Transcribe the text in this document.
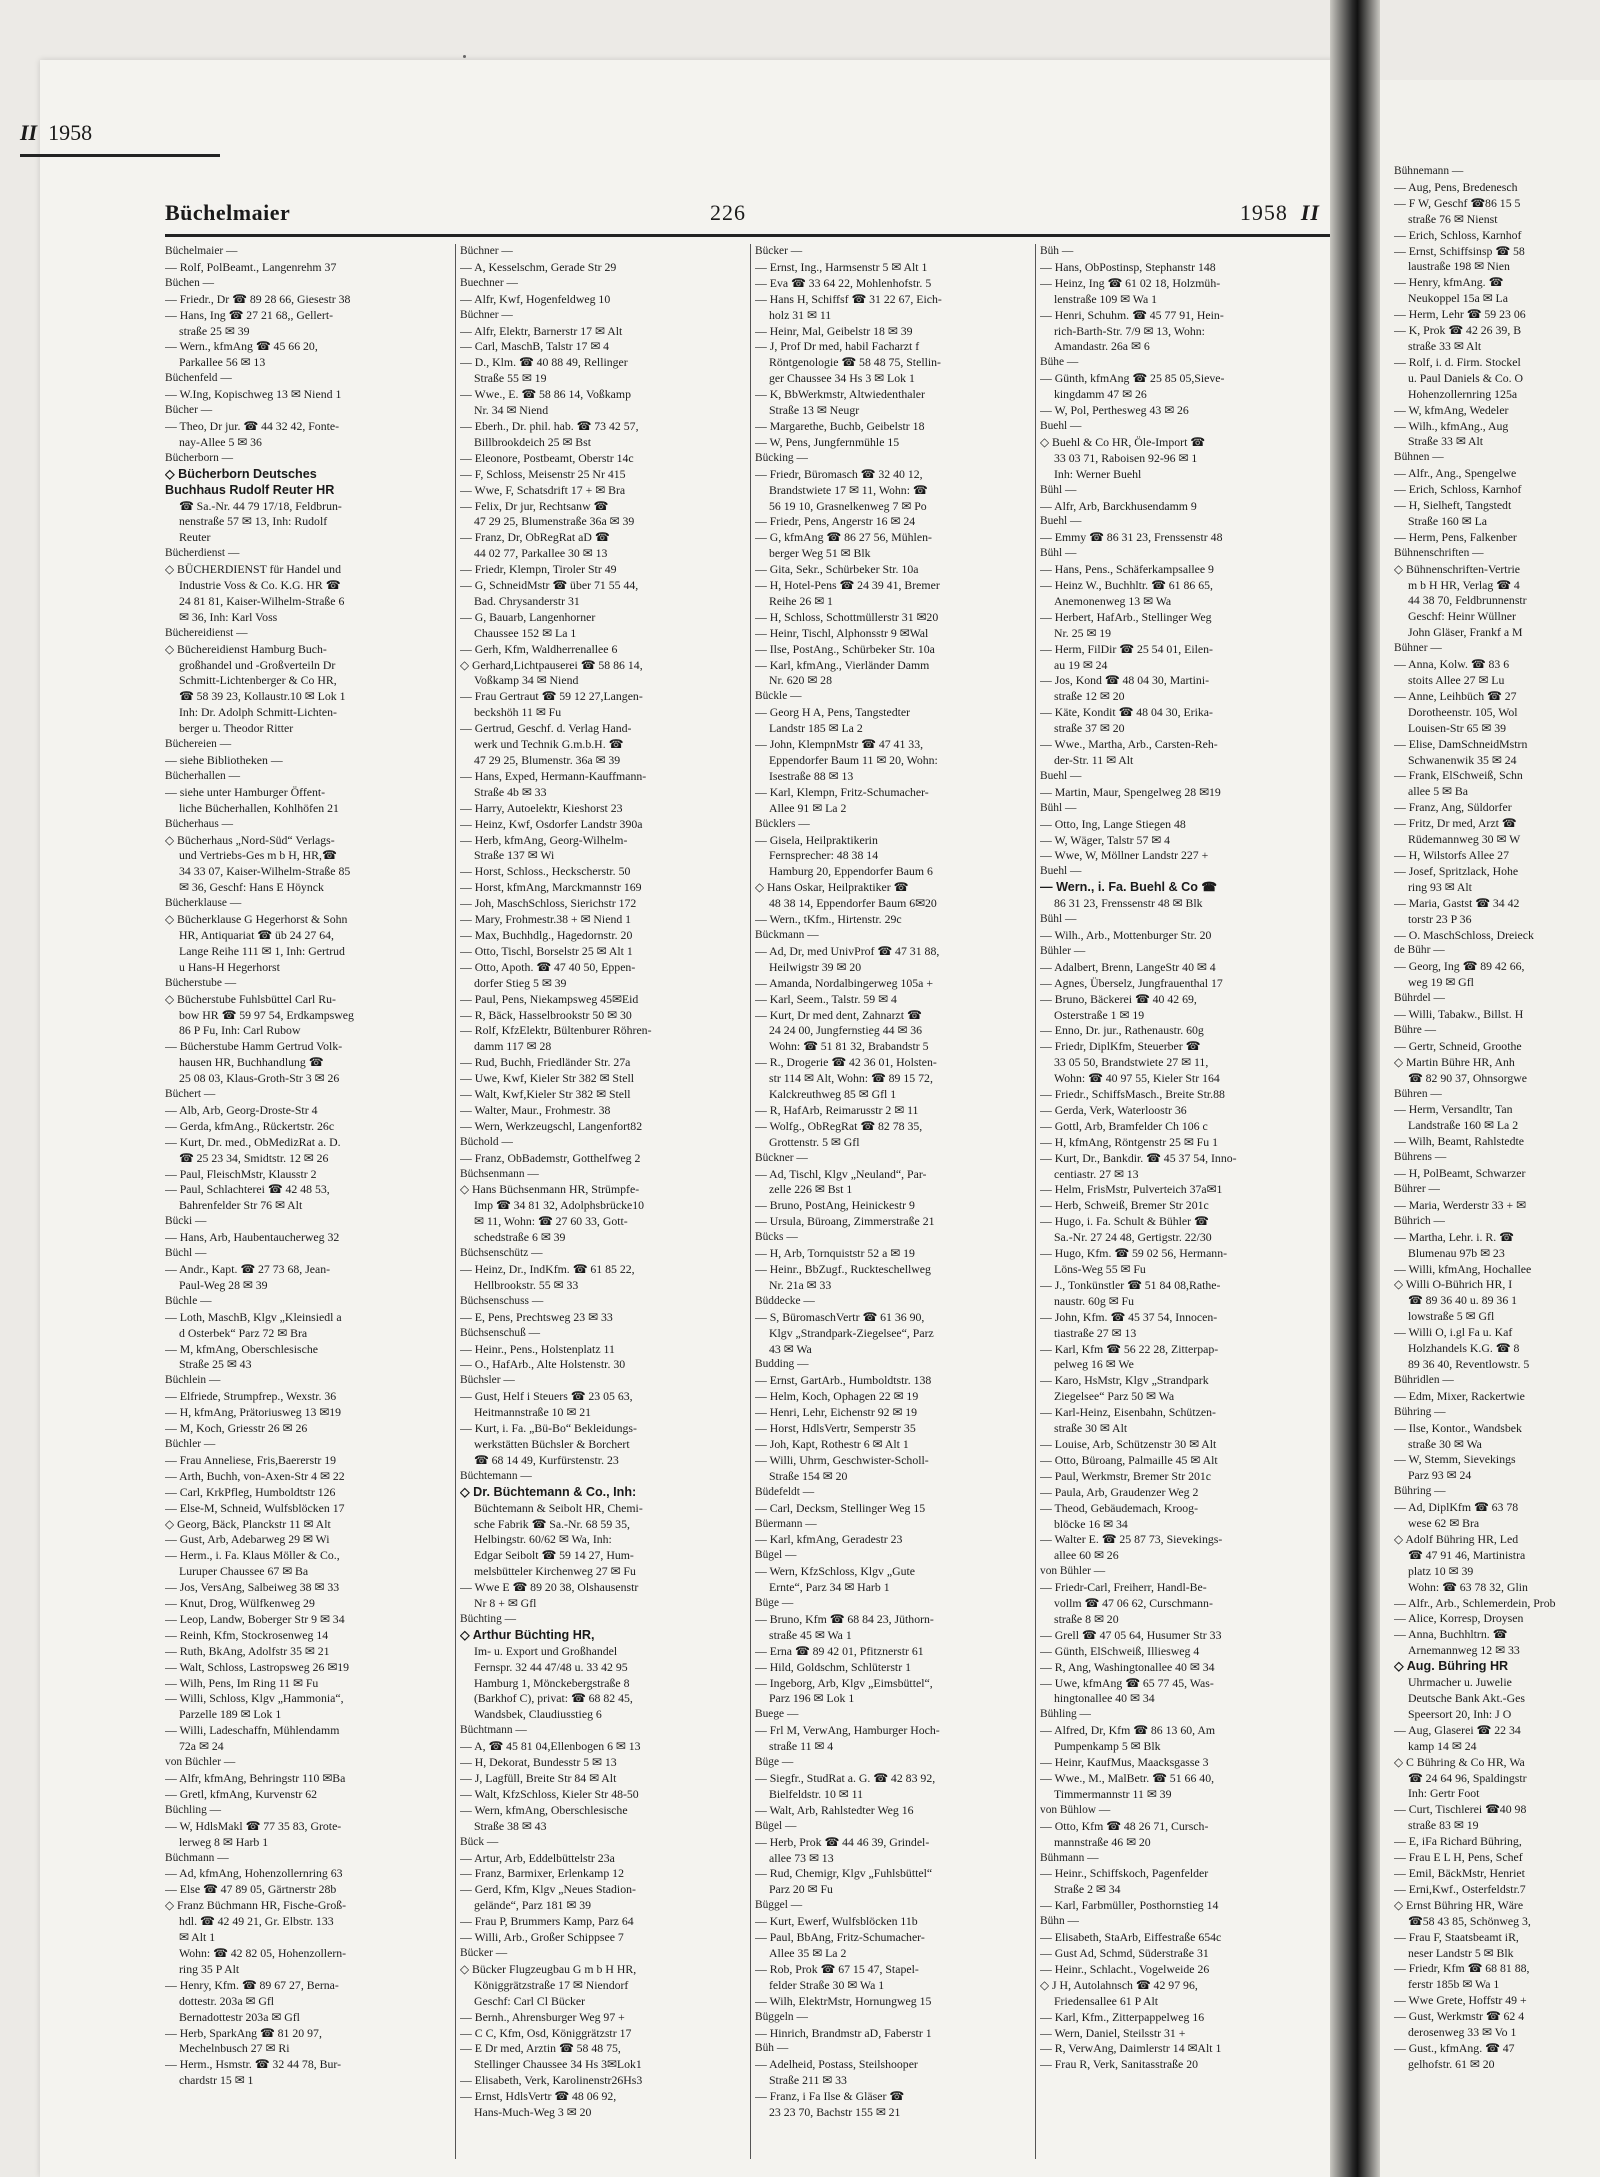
Büchelmaier	226	1958 II
II 1958
Büchelmaier —
— Rolf, PolBeamt., Langenrehm 37
Büchen —
— Friedr., Dr ☎ 89 28 66, Giesestr 38
— Hans, Ing ☎ 27 21 68,, Gellert-
straße 25 ✉ 39
— Wern., kfmAng ☎ 45 66 20,
Parkallee 56 ✉ 13
Büchenfeld —
— W.Ing, Kopischweg 13 ✉ Niend 1
Bücher —
— Theo, Dr jur. ☎ 44 32 42, Fonte-
nay-Allee 5 ✉ 36
Bücherborn —
◇ Bücherborn Deutsches
Buchhaus Rudolf Reuter HR
☎ Sa.-Nr. 44 79 17/18, Feldbrun-
nenstraße 57 ✉ 13, Inh: Rudolf
Reuter
Bücherdienst —
◇ BÜCHERDIENST für Handel und
Industrie Voss & Co. K.G. HR ☎
24 81 81, Kaiser-Wilhelm-Straße 6
✉ 36, Inh: Karl Voss
Büchereidienst —
◇ Büchereidienst Hamburg Buch-
großhandel und -Großverteiln Dr
Schmitt-Lichtenberger & Co HR,
☎ 58 39 23, Kollaustr.10 ✉ Lok 1
Inh: Dr. Adolph Schmitt-Lichten-
berger u. Theodor Ritter
Büchereien —
— siehe Bibliotheken —
Bücherhallen —
— siehe unter Hamburger Öffent-
liche Bücherhallen, Kohlhöfen 21
Bücherhaus —
◇ Bücherhaus „Nord-Süd“ Verlags-
und Vertriebs-Ges m b H, HR,☎
34 33 07, Kaiser-Wilhelm-Straße 85
✉ 36, Geschf: Hans E Höynck
Bücherklause —
◇ Bücherklause G Hegerhorst & Sohn
HR, Antiquariat ☎ üb 24 27 64,
Lange Reihe 111 ✉ 1, Inh: Gertrud
u Hans-H Hegerhorst
Bücherstube —
◇ Bücherstube Fuhlsbüttel Carl Ru-
bow HR ☎ 59 97 54, Erdkampsweg
86 P Fu, Inh: Carl Rubow
— Bücherstube Hamm Gertrud Volk-
hausen HR, Buchhandlung ☎
25 08 03, Klaus-Groth-Str 3 ✉ 26
Büchert —
— Alb, Arb, Georg-Droste-Str 4
— Gerda, kfmAng., Rückertstr. 26c
— Kurt, Dr. med., ObMedizRat a. D.
☎ 25 23 34, Smidtstr. 12 ✉ 26
— Paul, FleischMstr, Klausstr 2
— Paul, Schlachterei ☎ 42 48 53,
Bahrenfelder Str 76 ✉ Alt
Bücki —
— Hans, Arb, Haubentaucherweg 32
Büchl —
— Andr., Kapt. ☎ 27 73 68, Jean-
Paul-Weg 28 ✉ 39
Büchle —
— Loth, MaschB, Klgv „Kleinsiedl a
d Osterbek“ Parz 72 ✉ Bra
— M, kfmAng, Oberschlesische
Straße 25 ✉ 43
Büchlein —
— Elfriede, Strumpfrep., Wexstr. 36
— H, kfmAng, Prätoriusweg 13 ✉19
— M, Koch, Griesstr 26 ✉ 26
Büchler —
— Frau Anneliese, Fris,Baererstr 19
— Arth, Buchh, von-Axen-Str 4 ✉ 22
— Carl, KrkPfleg, Humboldtstr 126
— Else-M, Schneid, Wulfsblöcken 17
◇ Georg, Bäck, Planckstr 11 ✉ Alt
— Gust, Arb, Adebarweg 29 ✉ Wi
— Herm., i. Fa. Klaus Möller & Co.,
Luruper Chaussee 67 ✉ Ba
— Jos, VersAng, Salbeiweg 38 ✉ 33
— Knut, Drog, Wülfkenweg 29
— Leop, Landw, Boberger Str 9 ✉ 34
— Reinh, Kfm, Stockrosenweg 14
— Ruth, BkAng, Adolfstr 35 ✉ 21
— Walt, Schloss, Lastropsweg 26 ✉19
— Wilh, Pens, Im Ring 11 ✉ Fu
— Willi, Schloss, Klgv „Hammonia“,
Parzelle 189 ✉ Lok 1
— Willi, Ladeschaffn, Mühlendamm
72a ✉ 24
von Büchler —
— Alfr, kfmAng, Behringstr 110 ✉Ba
— Gretl, kfmAng, Kurvenstr 62
Büchling —
— W, HdlsMakl ☎ 77 35 83, Grote-
lerweg 8 ✉ Harb 1
Büchmann —
— Ad, kfmAng, Hohenzollernring 63
— Else ☎ 47 89 05, Gärtnerstr 28b
◇ Franz Büchmann HR, Fische-Groß-
hdl. ☎ 42 49 21, Gr. Elbstr. 133
✉ Alt 1
Wohn: ☎ 42 82 05, Hohenzollern-
ring 35 P Alt
— Henry, Kfm. ☎ 89 67 27, Berna-
dottestr. 203a ✉ Gfl
Bernadottestr 203a ✉ Gfl
— Herb, SparkAng ☎ 81 20 97,
Mechelnbusch 27 ✉ Ri
— Herm., Hsmstr. ☎ 32 44 78, Bur-
chardstr 15 ✉ 1
Büchner —
— A, Kesselschm, Gerade Str 29
Buechner —
— Alfr, Kwf, Hogenfeldweg 10
Büchner —
— Alfr, Elektr, Barnerstr 17 ✉ Alt
— Carl, MaschB, Talstr 17 ✉ 4
— D., Klm. ☎ 40 88 49, Rellinger
Straße 55 ✉ 19
— Wwe., E. ☎ 58 86 14, Voßkamp
Nr. 34 ✉ Niend
— Eberh., Dr. phil. hab. ☎ 73 42 57,
Billbrookdeich 25 ✉ Bst
— Eleonore, Postbeamt, Oberstr 14c
— F, Schloss, Meisenstr 25 Nr 415
— Wwe, F, Schatsdrift 17 + ✉ Bra
— Felix, Dr jur, Rechtsanw ☎
47 29 25, Blumenstraße 36a ✉ 39
— Franz, Dr, ObRegRat aD ☎
44 02 77, Parkallee 30 ✉ 13
— Friedr, Klempn, Tiroler Str 49
— G, SchneidMstr ☎ über 71 55 44,
Bad. Chrysanderstr 31
— G, Bauarb, Langenhorner
Chaussee 152 ✉ La 1
— Gerh, Kfm, Waldherrenallee 6
◇ Gerhard,Lichtpauserei ☎ 58 86 14,
Voßkamp 34 ✉ Niend
— Frau Gertraut ☎ 59 12 27,Langen-
beckshöh 11 ✉ Fu
— Gertrud, Geschf. d. Verlag Hand-
werk und Technik G.m.b.H. ☎
47 29 25, Blumenstr. 36a ✉ 39
— Hans, Exped, Hermann-Kauffmann-
Straße 4b ✉ 33
— Harry, Autoelektr, Kieshorst 23
— Heinz, Kwf, Osdorfer Landstr 390a
— Herb, kfmAng, Georg-Wilhelm-
Straße 137 ✉ Wi
— Horst, Schloss., Heckscherstr. 50
— Horst, kfmAng, Marckmannstr 169
— Joh, MaschSchloss, Sierichstr 172
— Mary, Frohmestr.38 + ✉ Niend 1
— Max, Buchhdlg., Hagedornstr. 20
— Otto, Tischl, Borselstr 25 ✉ Alt 1
— Otto, Apoth. ☎ 47 40 50, Eppen-
dorfer Stieg 5 ✉ 39
— Paul, Pens, Niekampsweg 45✉Eid
— R, Bäck, Hasselbrookstr 50 ✉ 30
— Rolf, KfzElektr, Bültenburer Röhren-
damm 117 ✉ 28
— Rud, Buchh, Friedländer Str. 27a
— Uwe, Kwf, Kieler Str 382 ✉ Stell
— Walt, Kwf,Kieler Str 382 ✉ Stell
— Walter, Maur., Frohmestr. 38
— Wern, Werkzeugschl, Langenfort82
Büchold —
— Franz, ObBademstr, Gotthelfweg 2
Büchsenmann —
◇ Hans Büchsenmann HR, Strümpfe-
Imp ☎ 34 81 32, Adolphsbrücke10
✉ 11, Wohn: ☎ 27 60 33, Gott-
schedstraße 6 ✉ 39
Büchsenschütz —
— Heinz, Dr., IndKfm. ☎ 61 85 22,
Hellbrookstr. 55 ✉ 33
Büchsenschuss —
— E, Pens, Prechtsweg 23 ✉ 33
Büchsenschuß —
— Heinr., Pens., Holstenplatz 11
— O., HafArb., Alte Holstenstr. 30
Büchsler —
— Gust, Helf i Steuers ☎ 23 05 63,
Heitmannstraße 10 ✉ 21
— Kurt, i. Fa. „Bü-Bo“ Bekleidungs-
werkstätten Büchsler & Borchert
☎ 68 14 49, Kurfürstenstr. 23
Büchtemann —
◇ Dr. Büchtemann & Co., Inh:
Büchtemann & Seibolt HR, Chemi-
sche Fabrik ☎ Sa.-Nr. 68 59 35,
Helbingstr. 60/62 ✉ Wa, Inh:
Edgar Seibolt ☎ 59 14 27, Hum-
melsbütteler Kirchenweg 27 ✉ Fu
— Wwe E ☎ 89 20 38, Olshausenstr
Nr 8 + ✉ Gfl
Büchting —
◇ Arthur Büchting HR,
Im- u. Export und Großhandel
Fernspr. 32 44 47/48 u. 33 42 95
Hamburg 1, Mönckebergstraße 8
(Barkhof C), privat: ☎ 68 82 45,
Wandsbek, Claudiusstieg 6
Büchtmann —
— A, ☎ 45 81 04,Ellenbogen 6 ✉ 13
— H, Dekorat, Bundesstr 5 ✉ 13
— J, Lagfüll, Breite Str 84 ✉ Alt
— Walt, KfzSchloss, Kieler Str 48-50
— Wern, kfmAng, Oberschlesische
Straße 38 ✉ 43
Bück —
— Artur, Arb, Eddelbüttelstr 23a
— Franz, Barmixer, Erlenkamp 12
— Gerd, Kfm, Klgv „Neues Stadion-
gelände“, Parz 181 ✉ 39
— Frau P, Brummers Kamp, Parz 64
— Willi, Arb., Großer Schippsee 7
Bücker —
◇ Bücker Flugzeugbau G m b H HR,
Königgrätzstraße 17 ✉ Niendorf
Geschf: Carl Cl Bücker
— Bernh., Ahrensburger Weg 97 +
— C C, Kfm, Osd, Königgrätzstr 17
— E Dr med, Arztin ☎ 58 48 75,
Stellinger Chaussee 34 Hs 3✉Lok1
— Elisabeth, Verk, Karolinenstr26Hs3
— Ernst, HdlsVertr ☎ 48 06 92,
Hans-Much-Weg 3 ✉ 20
Bücker —
— Ernst, Ing., Harmsenstr 5 ✉ Alt 1
— Eva ☎ 33 64 22, Mohlenhofstr. 5
— Hans H, Schiffsf ☎ 31 22 67, Eich-
holz 31 ✉ 11
— Heinr, Mal, Geibelstr 18 ✉ 39
— J, Prof Dr med, habil Facharzt f
Röntgenologie ☎ 58 48 75, Stellin-
ger Chaussee 34 Hs 3 ✉ Lok 1
— K, BbWerkmstr, Altwiedenthaler
Straße 13 ✉ Neugr
— Margarethe, Buchb, Geibelstr 18
— W, Pens, Jungfernmühle 15
Bücking —
— Friedr, Büromasch ☎ 32 40 12,
Brandstwiete 17 ✉ 11, Wohn: ☎
56 19 10, Grasnelkenweg 7 ✉ Po
— Friedr, Pens, Angerstr 16 ✉ 24
— G, kfmAng ☎ 86 27 56, Mühlen-
berger Weg 51 ✉ Blk
— Gita, Sekr., Schürbeker Str. 10a
— H, Hotel-Pens ☎ 24 39 41, Bremer
Reihe 26 ✉ 1
— H, Schloss, Schottmüllerstr 31 ✉20
— Heinr, Tischl, Alphonsstr 9 ✉Wal
— Ilse, PostAng., Schürbeker Str. 10a
— Karl, kfmAng., Vierländer Damm
Nr. 620 ✉ 28
Bückle —
— Georg H A, Pens, Tangstedter
Landstr 185 ✉ La 2
— John, KlempnMstr ☎ 47 41 33,
Eppendorfer Baum 11 ✉ 20, Wohn:
Isestraße 88 ✉ 13
— Karl, Klempn, Fritz-Schumacher-
Allee 91 ✉ La 2
Bücklers —
— Gisela, Heilpraktikerin
Fernsprecher: 48 38 14
Hamburg 20, Eppendorfer Baum 6
◇ Hans Oskar, Heilpraktiker ☎
48 38 14, Eppendorfer Baum 6✉20
— Wern., tKfm., Hirtenstr. 29c
Bückmann —
— Ad, Dr, med UnivProf ☎ 47 31 88,
Heilwigstr 39 ✉ 20
— Amanda, Nordalbingerweg 105a +
— Karl, Seem., Talstr. 59 ✉ 4
— Kurt, Dr med dent, Zahnarzt ☎
24 24 00, Jungfernstieg 44 ✉ 36
Wohn: ☎ 51 81 32, Brabandstr 5
— R., Drogerie ☎ 42 36 01, Holsten-
str 114 ✉ Alt, Wohn: ☎ 89 15 72,
Kalckreuthweg 85 ✉ Gfl 1
— R, HafArb, Reimarusstr 2 ✉ 11
— Wolfg., ObRegRat ☎ 82 78 35,
Grottenstr. 5 ✉ Gfl
Bückner —
— Ad, Tischl, Klgv „Neuland“, Par-
zelle 226 ✉ Bst 1
— Bruno, PostAng, Heinickestr 9
— Ursula, Büroang, Zimmerstraße 21
Bücks —
— H, Arb, Tornquiststr 52 a ✉ 19
— Heinr., BbZugf., Ruckteschellweg
Nr. 21a ✉ 33
Büddecke —
— S, BüromaschVertr ☎ 61 36 90,
Klgv „Strandpark-Ziegelsee“, Parz
43 ✉ Wa
Budding —
— Ernst, GartArb., Humboldtstr. 138
— Helm, Koch, Ophagen 22 ✉ 19
— Henri, Lehr, Eichenstr 92 ✉ 19
— Horst, HdlsVertr, Semperstr 35
— Joh, Kapt, Rothestr 6 ✉ Alt 1
— Willi, Uhrm, Geschwister-Scholl-
Straße 154 ✉ 20
Büdefeldt —
— Carl, Decksm, Stellinger Weg 15
Büermann —
— Karl, kfmAng, Geradestr 23
Bügel —
— Wern, KfzSchloss, Klgv „Gute
Ernte“, Parz 34 ✉ Harb 1
Büge —
— Bruno, Kfm ☎ 68 84 23, Jüthorn-
straße 45 ✉ Wa 1
— Erna ☎ 89 42 01, Pfitznerstr 61
— Hild, Goldschm, Schlüterstr 1
— Ingeborg, Arb, Klgv „Eimsbüttel“,
Parz 196 ✉ Lok 1
Buege —
— Frl M, VerwAng, Hamburger Hoch-
straße 11 ✉ 4
Büge —
— Siegfr., StudRat a. G. ☎ 42 83 92,
Bielfeldstr. 10 ✉ 11
— Walt, Arb, Rahlstedter Weg 16
Bügel —
— Herb, Prok ☎ 44 46 39, Grindel-
allee 73 ✉ 13
— Rud, Chemigr, Klgv „Fuhlsbüttel“
Parz 20 ✉ Fu
Büggel —
— Kurt, Ewerf, Wulfsblöcken 11b
— Paul, BbAng, Fritz-Schumacher-
Allee 35 ✉ La 2
— Rob, Prok ☎ 67 15 47, Stapel-
felder Straße 30 ✉ Wa 1
— Wilh, ElektrMstr, Hornungweg 15
Büggeln —
— Hinrich, Brandmstr aD, Faberstr 1
Büh —
— Adelheid, Postass, Steilshooper
Straße 211 ✉ 33
— Franz, i Fa Ilse & Gläser ☎
23 23 70, Bachstr 155 ✉ 21
Büh —
— Hans, ObPostinsp, Stephanstr 148
— Heinz, Ing ☎ 61 02 18, Holzmüh-
lenstraße 109 ✉ Wa 1
— Henri, Schuhm. ☎ 45 77 91, Hein-
rich-Barth-Str. 7/9 ✉ 13, Wohn:
Amandastr. 26a ✉ 6
Bühe —
— Günth, kfmAng ☎ 25 85 05,Sieve-
kingdamm 47 ✉ 26
— W, Pol, Perthesweg 43 ✉ 26
Buehl —
◇ Buehl & Co HR, Öle-Import ☎
33 03 71, Raboisen 92-96 ✉ 1
Inh: Werner Buehl
Bühl —
— Alfr, Arb, Barckhusendamm 9
Buehl —
— Emmy ☎ 86 31 23, Frenssenstr 48
Bühl —
— Hans, Pens., Schäferkampsallee 9
— Heinz W., Buchhltr. ☎ 61 86 65,
Anemonenweg 13 ✉ Wa
— Herbert, HafArb., Stellinger Weg
Nr. 25 ✉ 19
— Herm, FilDir ☎ 25 54 01, Eilen-
au 19 ✉ 24
— Jos, Kond ☎ 48 04 30, Martini-
straße 12 ✉ 20
— Käte, Kondit ☎ 48 04 30, Erika-
straße 37 ✉ 20
— Wwe., Martha, Arb., Carsten-Reh-
der-Str. 11 ✉ Alt
Buehl —
— Martin, Maur, Spengelweg 28 ✉19
Bühl —
— Otto, Ing, Lange Stiegen 48
— W, Wäger, Talstr 57 ✉ 4
— Wwe, W, Möllner Landstr 227 +
Buehl —
— Wern., i. Fa. Buehl & Co ☎
86 31 23, Frenssenstr 48 ✉ Blk
Bühl —
— Wilh., Arb., Mottenburger Str. 20
Bühler —
— Adalbert, Brenn, LangeStr 40 ✉ 4
— Agnes, Überselz, Jungfrauenthal 17
— Bruno, Bäckerei ☎ 40 42 69,
Osterstraße 1 ✉ 19
— Enno, Dr. jur., Rathenaustr. 60g
— Friedr, DiplKfm, Steuerber ☎
33 05 50, Brandstwiete 27 ✉ 11,
Wohn: ☎ 40 97 55, Kieler Str 164
— Friedr., SchiffsMasch., Breite Str.88
— Gerda, Verk, Waterloostr 36
— Gottl, Arb, Bramfelder Ch 106 c
— H, kfmAng, Röntgenstr 25 ✉ Fu 1
— Kurt, Dr., Bankdir. ☎ 45 37 54, Inno-
centiastr. 27 ✉ 13
— Helm, FrisMstr, Pulverteich 37a✉1
— Herb, Schweiß, Bremer Str 201c
— Hugo, i. Fa. Schult & Bühler ☎
Sa.-Nr. 27 24 48, Gertigstr. 22/30
— Hugo, Kfm. ☎ 59 02 56, Hermann-
Löns-Weg 55 ✉ Fu
— J., Tonkünstler ☎ 51 84 08,Rathe-
naustr. 60g ✉ Fu
— John, Kfm. ☎ 45 37 54, Innocen-
tiastraße 27 ✉ 13
— Karl, Kfm ☎ 56 22 28, Zitterpap-
pelweg 16 ✉ We
— Karo, HsMstr, Klgv „Strandpark
Ziegelsee“ Parz 50 ✉ Wa
— Karl-Heinz, Eisenbahn, Schützen-
straße 30 ✉ Alt
— Louise, Arb, Schützenstr 30 ✉ Alt
— Otto, Büroang, Palmaille 45 ✉ Alt
— Paul, Werkmstr, Bremer Str 201c
— Paula, Arb, Graudenzer Weg 2
— Theod, Gebäudemach, Kroog-
blöcke 16 ✉ 34
— Walter E. ☎ 25 87 73, Sievekings-
allee 60 ✉ 26
von Bühler —
— Friedr-Carl, Freiherr, Handl-Be-
vollm ☎ 47 06 62, Curschmann-
straße 8 ✉ 20
— Grell ☎ 47 05 64, Husumer Str 33
— Günth, ElSchweiß, Illiesweg 4
— R, Ang, Washingtonallee 40 ✉ 34
— Uwe, kfmAng ☎ 65 77 45, Was-
hingtonallee 40 ✉ 34
Bühling —
— Alfred, Dr, Kfm ☎ 86 13 60, Am
Pumpenkamp 5 ✉ Blk
— Heinr, KaufMus, Maacksgasse 3
— Wwe., M., MalBetr. ☎ 51 66 40,
Timmermannstr 11 ✉ 39
von Bühlow —
— Otto, Kfm ☎ 48 26 71, Cursch-
mannstraße 46 ✉ 20
Bühmann —
— Heinr., Schiffskoch, Pagenfelder
Straße 2 ✉ 34
— Karl, Farbmüller, Posthornstieg 14
Bühn —
— Elisabeth, StaArb, Eiffestraße 654c
— Gust Ad, Schmd, Süderstraße 31
— Heinr., Schlacht., Vogelweide 26
◇ J H, Autolahnsch ☎ 42 97 96,
Friedensallee 61 P Alt
— Karl, Kfm., Zitterpappelweg 16
— Wern, Daniel, Steilsstr 31 +
— R, VerwAng, Daimlerstr 14 ✉Alt 1
— Frau R, Verk, Sanitasstraße 20
Bühnemann —
— Aug, Pens, Bredenesch
— F W, Geschf ☎86 15 5
straße 76 ✉ Nienst
— Erich, Schloss, Karnhof
— Ernst, Schiffsinsp ☎ 58
laustraße 198 ✉ Nien
— Henry, kfmAng. ☎
Neukoppel 15a ✉ La
— Herm, Lehr ☎ 59 23 06
— K, Prok ☎ 42 26 39, B
straße 33 ✉ Alt
— Rolf, i. d. Firm. Stockel
u. Paul Daniels & Co. O
Hohenzollernring 125a
— W, kfmAng, Wedeler
— Wilh., kfmAng., Aug
Straße 33 ✉ Alt
Bühnen —
— Alfr., Ang., Spengelwe
— Erich, Schloss, Karnhof
— H, Sielheft, Tangstedt
Straße 160 ✉ La
— Herm, Pens, Falkenber
Bühnenschriften —
◇ Bühnenschriften-Vertrie
m b H HR, Verlag ☎ 4
44 38 70, Feldbrunnenstr
Geschf: Heinr Wüllner
John Gläser, Frankf a M
Bühner —
— Anna, Kolw. ☎ 83 6
stoits Allee 27 ✉ Lu
— Anne, Leihbüch ☎ 27
Dorotheenstr. 105, Wol
Louisen-Str 65 ✉ 39
— Elise, DamSchneidMstrn
Schwanenwik 35 ✉ 24
— Frank, ElSchweiß, Schn
allee 5 ✉ Ba
— Franz, Ang, Süldorfer
— Fritz, Dr med, Arzt ☎
Rüdemannweg 30 ✉ W
— H, Wilstorfs Allee 27
— Josef, Spritzlack, Hohe
ring 93 ✉ Alt
— Maria, Gastst ☎ 34 42
torstr 23 P 36
— O. MaschSchloss, Dreieck
de Bühr —
— Georg, Ing ☎ 89 42 66,
weg 19 ✉ Gfl
Bührdel —
— Willi, Tabakw., Billst. H
Bühre —
— Gertr, Schneid, Groothe
◇ Martin Bühre HR, Anh
☎ 82 90 37, Ohnsorgwe
Bühren —
— Herm, Versandltr, Tan
Landstraße 160 ✉ La 2
— Wilh, Beamt, Rahlstedte
Bührens —
— H, PolBeamt, Schwarzer
Bührer —
— Maria, Werderstr 33 + ✉
Bührich —
— Martha, Lehr. i. R. ☎
Blumenau 97b ✉ 23
— Willi, kfmAng, Hochallee
◇ Willi O-Bührich HR, I
☎ 89 36 40 u. 89 36 1
lowstraße 5 ✉ Gfl
— Willi O, i.gl Fa u. Kaf
Holzhandels K.G. ☎ 8
89 36 40, Reventlowstr. 5
Bühridlen —
— Edm, Mixer, Rackertwie
Bühring —
— Ilse, Kontor., Wandsbek
straße 30 ✉ Wa
— W, Stemm, Sievekings
Parz 93 ✉ 24
Bühring —
— Ad, DiplKfm ☎ 63 78
wese 62 ✉ Bra
◇ Adolf Bühring HR, Led
☎ 47 91 46, Martinistra
platz 10 ✉ 39
Wohn: ☎ 63 78 32, Glin
— Alfr., Arb., Schlemerdein, Prob
— Alice, Korresp, Droysen
— Anna, Buchhltrn. ☎
Arnemannweg 12 ✉ 33
◇ Aug. Bühring HR
Uhrmacher u. Juwelie
Deutsche Bank Akt.-Ges
Speersort 20, Inh: J O
— Aug, Glaserei ☎ 22 34
kamp 14 ✉ 24
◇ C Bühring & Co HR, Wa
☎ 24 64 96, Spaldingstr
Inh: Gertr Foot
— Curt, Tischlerei ☎40 98
straße 83 ✉ 19
— E, iFa Richard Bühring,
— Frau E L H, Pens, Schef
— Emil, BäckMstr, Henriet
— Erni,Kwf., Osterfeldstr.7
◇ Ernst Bühring HR, Wäre
☎58 43 85, Schönweg 3,
— Frau F, Staatsbeamt iR,
neser Landstr 5 ✉ Blk
— Friedr, Kfm ☎ 68 81 88,
ferstr 185b ✉ Wa 1
— Wwe Grete, Hoffstr 49 +
— Gust, Werkmstr ☎ 62 4
derosenweg 33 ✉ Vo 1
— Gust., kfmAng. ☎ 47
gelhofstr. 61 ✉ 20
